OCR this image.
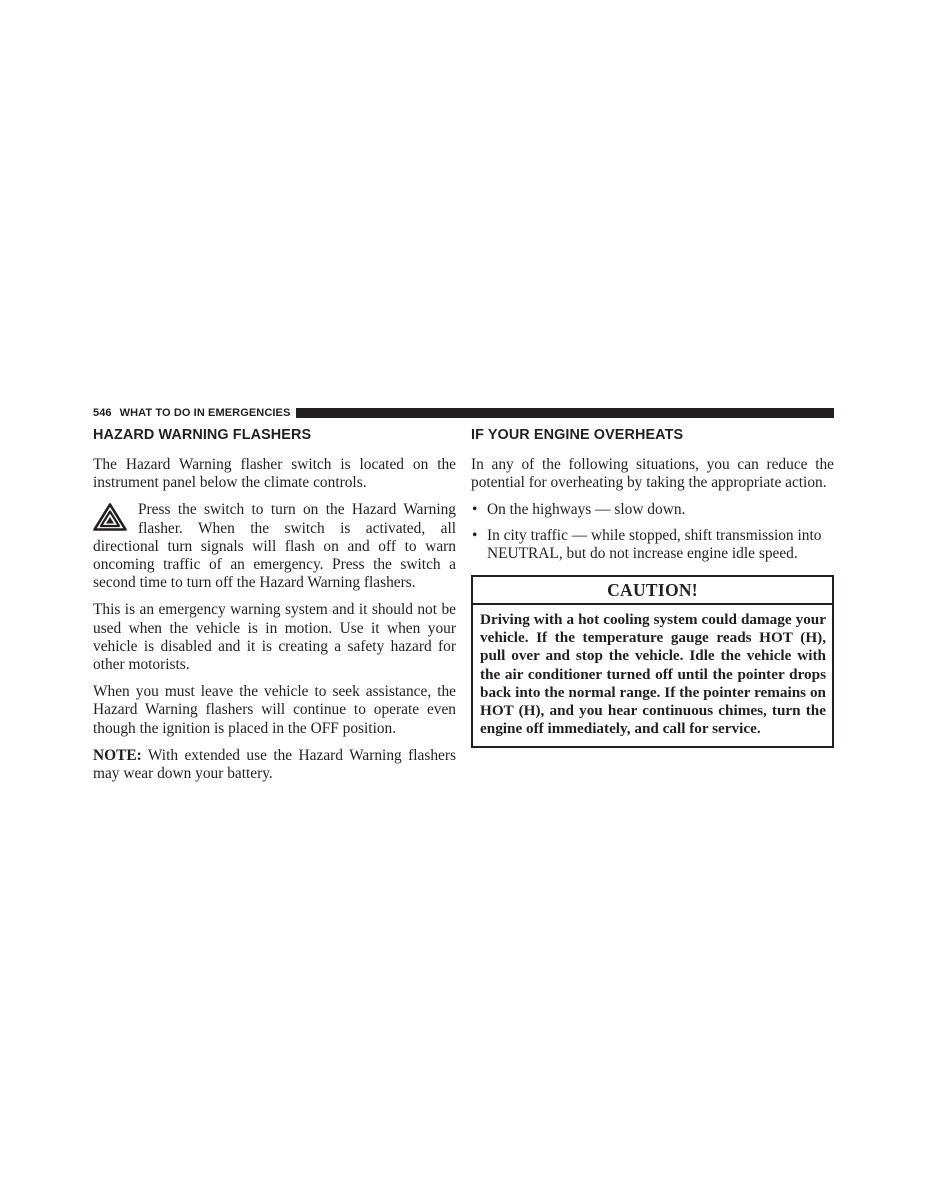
546 WHAT TO DO IN EMERGENCIES
HAZARD WARNING FLASHERS

The Hazard Warning flasher switch is located on the instrument panel below the climate controls.

Press the switch to turn on the Hazard Warning flasher. When the switch is activated, all directional turn signals will flash on and off to warn oncoming traffic of an emergency. Press the switch a second time to turn off the Hazard Warning flashers.

This is an emergency warning system and it should not be used when the vehicle is in motion. Use it when your vehicle is disabled and it is creating a safety hazard for other motorists.

When you must leave the vehicle to seek assistance, the Hazard Warning flashers will continue to operate even though the ignition is placed in the OFF position.

NOTE: With extended use the Hazard Warning flashers may wear down your battery.

IF YOUR ENGINE OVERHEATS

In any of the following situations, you can reduce the potential for overheating by taking the appropriate action.

• On the highways — slow down.
• In city traffic — while stopped, shift transmission into NEUTRAL, but do not increase engine idle speed.
CAUTION!
Driving with a hot cooling system could damage your vehicle. If the temperature gauge reads HOT (H), pull over and stop the vehicle. Idle the vehicle with the air conditioner turned off until the pointer drops back into the normal range. If the pointer remains on HOT (H), and you hear continuous chimes, turn the engine off immediately, and call for service.
